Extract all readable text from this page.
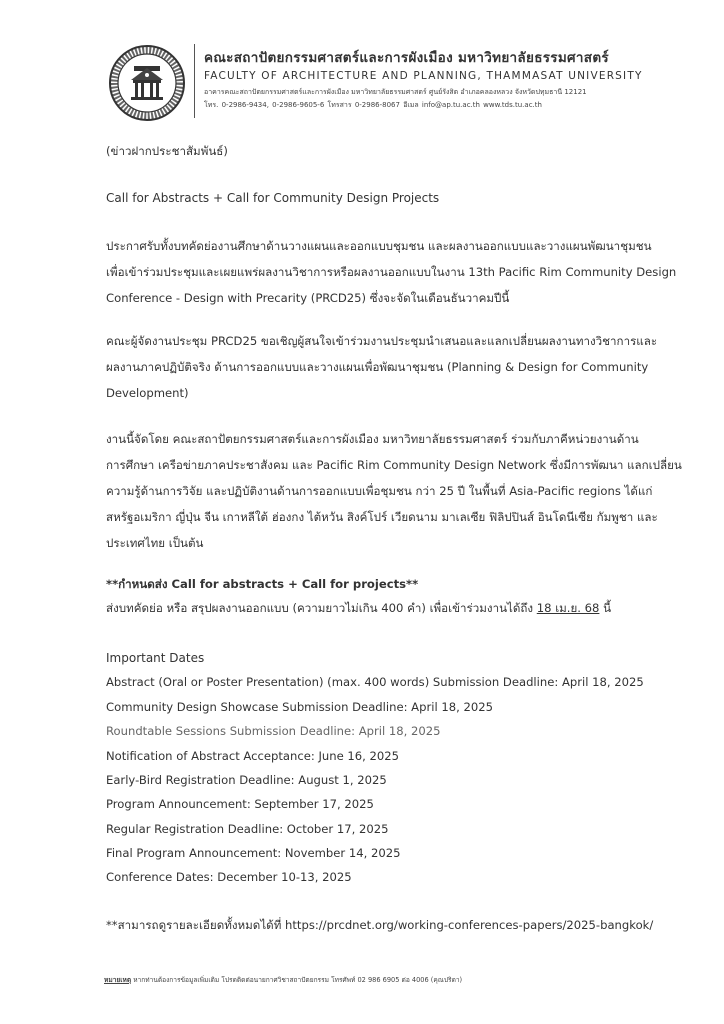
คณะสถาปัตยกรรมศาสตร์และการผังเมือง มหาวิทยาลัยธรรมศาสตร์
FACULTY OF ARCHITECTURE AND PLANNING, THAMMASAT UNIVERSITY
อาคารคณะสถาปัตยกรรมศาสตร์และการผังเมือง มหาวิทยาลัยธรรมศาสตร์ ศูนย์รังสิต อำเภอคลองหลวง จังหวัดปทุมธานี 12121
โทร. 0-2986-9434, 0-2986-9605-6 โทรสาร 0-2986-8067 อีเมล info@ap.tu.ac.th www.tds.tu.ac.th
(ข่าวฝากประชาสัมพันธ์)
Call for Abstracts + Call for Community Design Projects
ประกาศรับทั้งบทคัดย่องานศึกษาด้านวางแผนและออกแบบชุมชน และผลงานออกแบบและวางแผนพัฒนาชุมชน
เพื่อเข้าร่วมประชุมและเผยแพร่ผลงานวิชาการหรือผลงานออกแบบในงาน 13th Pacific Rim Community Design
Conference - Design with Precarity (PRCD25) ซึ่งจะจัดในเดือนธันวาคมปีนี้
คณะผู้จัดงานประชุม PRCD25 ขอเชิญผู้สนใจเข้าร่วมงานประชุมนำเสนอและแลกเปลี่ยนผลงานทางวิชาการและ
ผลงานภาคปฏิบัติจริง ด้านการออกแบบและวางแผนเพื่อพัฒนาชุมชน (Planning & Design for Community
Development)
งานนี้จัดโดย คณะสถาปัตยกรรมศาสตร์และการผังเมือง มหาวิทยาลัยธรรมศาสตร์ ร่วมกับภาคีหน่วยงานด้าน
การศึกษา เครือข่ายภาคประชาสังคม และ Pacific Rim Community Design Network ซึ่งมีการพัฒนา แลกเปลี่ยน
ความรู้ด้านการวิจัย และปฏิบัติงานด้านการออกแบบเพื่อชุมชน กว่า 25 ปี ในพื้นที่ Asia-Pacific regions ได้แก่
สหรัฐอเมริกา ญี่ปุ่น จีน เกาหลีใต้ ฮ่องกง ไต้หวัน สิงค์โปร์ เวียดนาม มาเลเซีย ฟิลิปปินส์ อินโดนีเซีย กัมพูชา และ
ประเทศไทย เป็นต้น
**กำหนดส่ง Call for abstracts + Call for projects**
ส่งบทคัดย่อ หรือ สรุปผลงานออกแบบ (ความยาวไม่เกิน 400 คำ) เพื่อเข้าร่วมงานได้ถึง 18 เม.ย. 68 นี้
Important Dates
Abstract (Oral or Poster Presentation) (max. 400 words) Submission Deadline: April 18, 2025
Community Design Showcase Submission Deadline: April 18, 2025
Roundtable Sessions Submission Deadline: April 18, 2025
Notification of Abstract Acceptance: June 16, 2025
Early-Bird Registration Deadline: August 1, 2025
Program Announcement: September 17, 2025
Regular Registration Deadline: October 17, 2025
Final Program Announcement: November 14, 2025
Conference Dates: December 10-13, 2025
**สามารถดูรายละเอียดทั้งหมดได้ที่ https://prcdnet.org/working-conferences-papers/2025-bangkok/
หมายเหตุ หากท่านต้องการข้อมูลเพิ่มเติม โปรดติดต่อนายกาศวิชาสถาปัตยกรรม โทรศัพท์ 02 986 6905 ต่อ 4006 (คุณปริดา)
